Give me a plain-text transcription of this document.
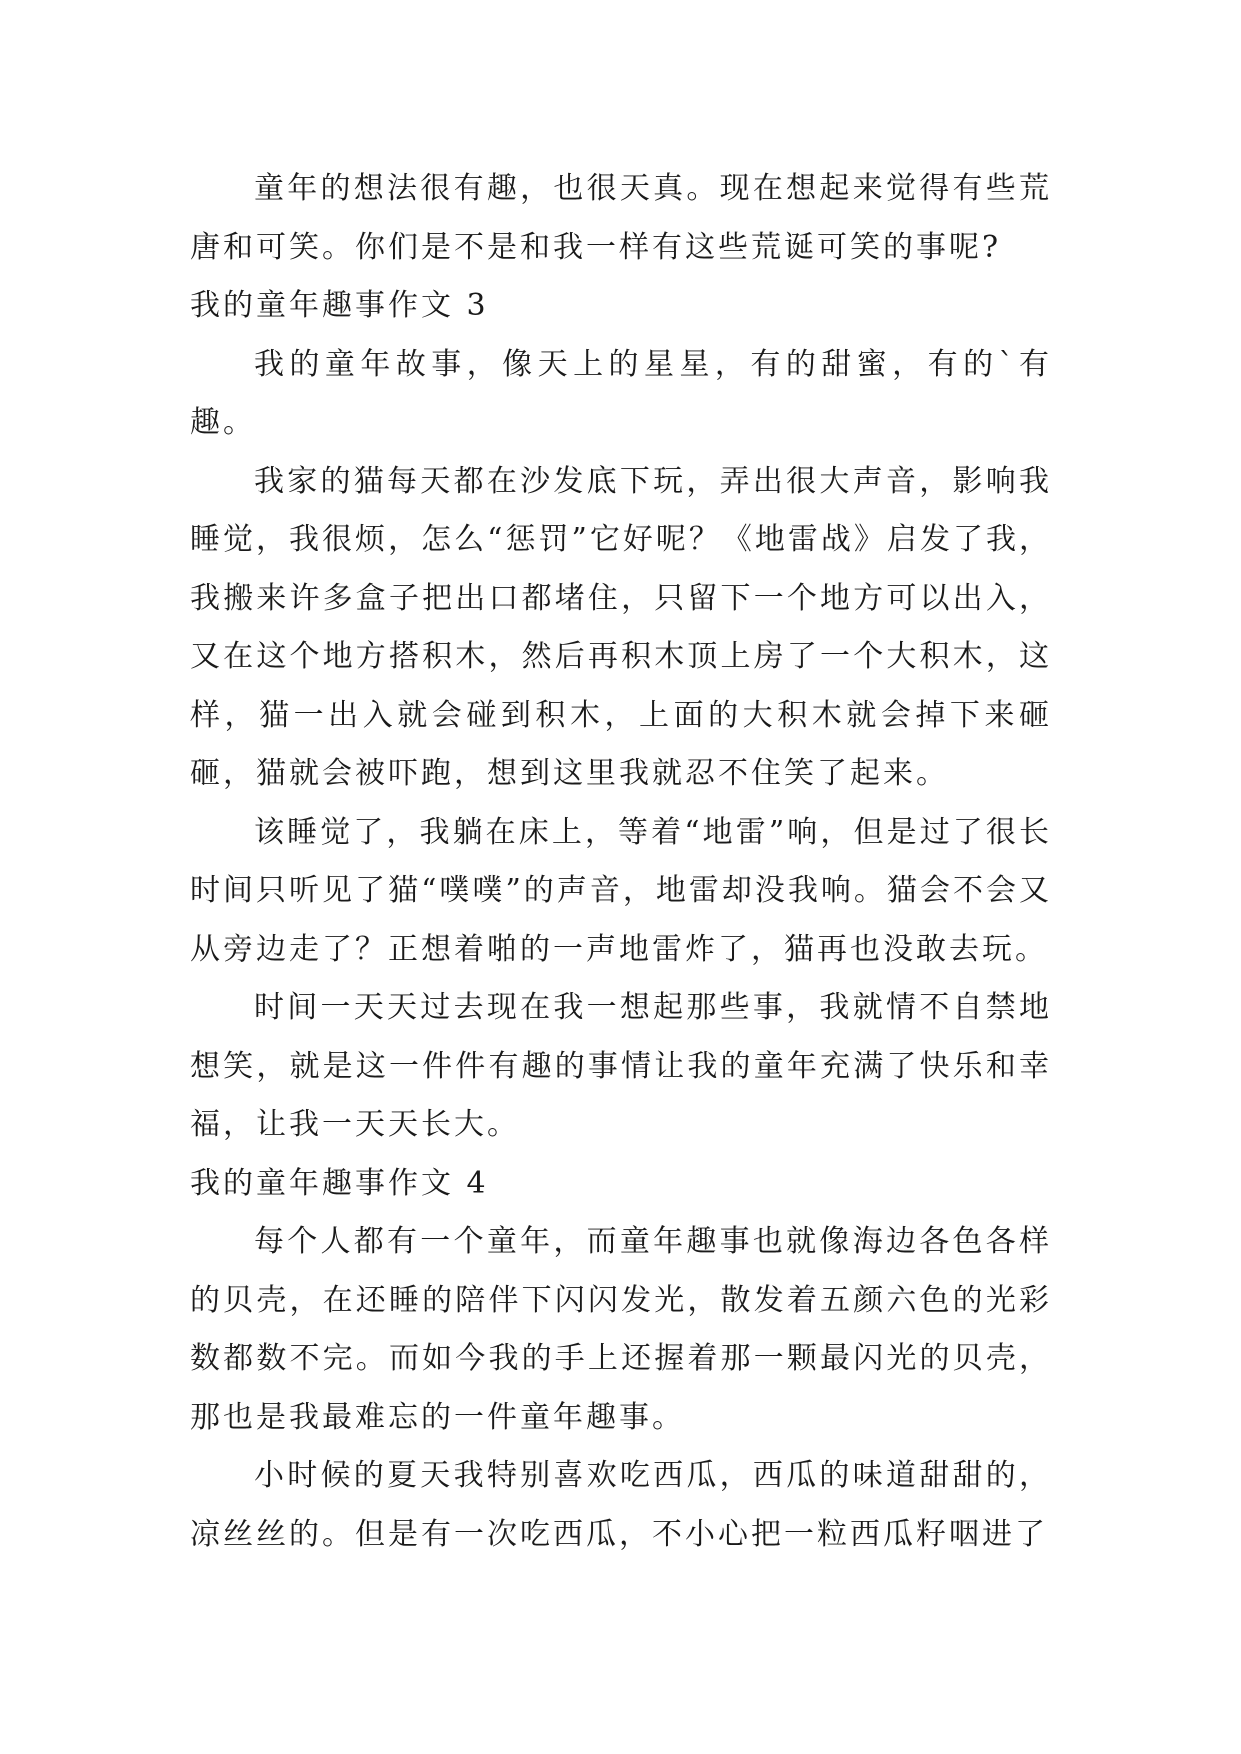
童年的想法很有趣，也很天真。现在想起来觉得有些荒唐和可笑。你们是不是和我一样有这些荒诞可笑的事呢?

我的童年趣事作文 3

我的童年故事，像天上的星星，有的甜蜜，有的`有趣。

我家的猫每天都在沙发底下玩，弄出很大声音，影响我睡觉，我很烦，怎么“惩罚”它好呢？《地雷战》启发了我，我搬来许多盒子把出口都堵住，只留下一个地方可以出入，又在这个地方搭积木，然后再积木顶上房了一个大积木，这样，猫一出入就会碰到积木，上面的大积木就会掉下来砸砸，猫就会被吓跑，想到这里我就忍不住笑了起来。

该睡觉了，我躺在床上，等着“地雷”响，但是过了很长时间只听见了猫“噗噗”的声音，地雷却没我响。猫会不会又从旁边走了？正想着啪的一声地雷炸了，猫再也没敢去玩。

时间一天天过去现在我一想起那些事，我就情不自禁地想笑，就是这一件件有趣的事情让我的童年充满了快乐和幸福，让我一天天长大。

我的童年趣事作文 4

每个人都有一个童年，而童年趣事也就像海边各色各样的贝壳，在还睡的陪伴下闪闪发光，散发着五颜六色的光彩数都数不完。而如今我的手上还握着那一颗最闪光的贝壳，那也是我最难忘的一件童年趣事。

小时候的夏天我特别喜欢吃西瓜，西瓜的味道甜甜的，凉丝丝的。但是有一次吃西瓜，不小心把一粒西瓜籽咽进了
